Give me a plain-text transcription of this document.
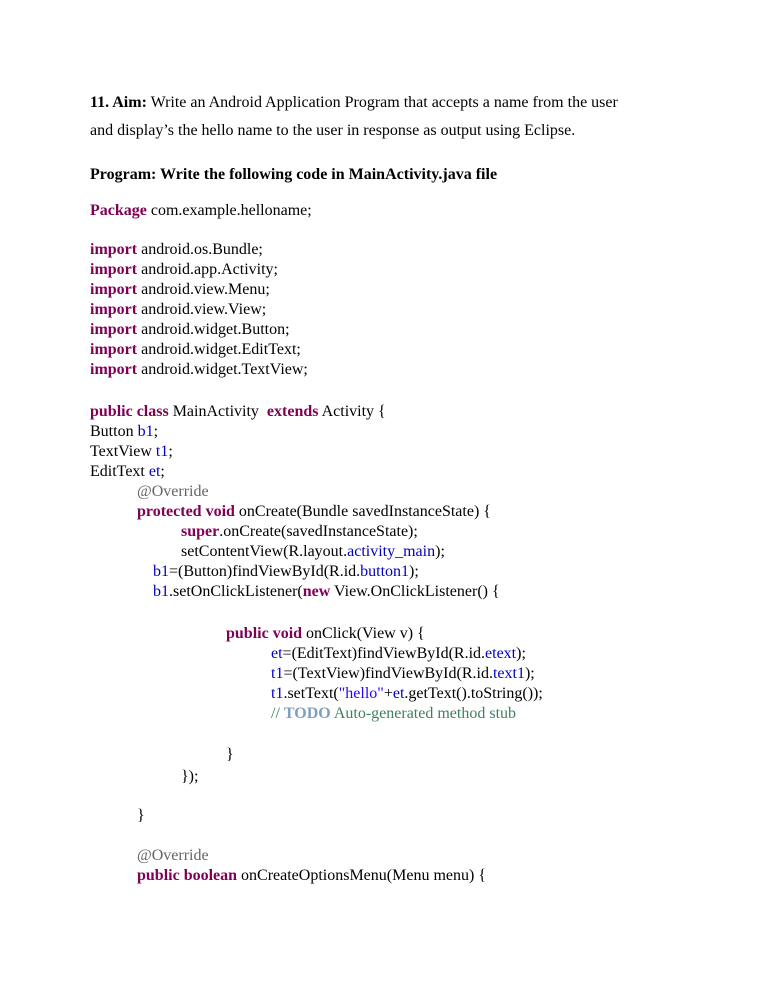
11. Aim: Write an Android Application Program that accepts a name from the user
and display’s the hello name to the user in response as output using Eclipse.
Program: Write the following code in MainActivity.java file
Package com.example.helloname;
import android.os.Bundle;
import android.app.Activity;
import android.view.Menu;
import android.view.View;
import android.widget.Button;
import android.widget.EditText;
import android.widget.TextView;
public class MainActivity  extends Activity {
Button b1;
TextView t1;
EditText et;
@Override
protected void onCreate(Bundle savedInstanceState) {
super.onCreate(savedInstanceState);
setContentView(R.layout.activity_main);
b1=(Button)findViewById(R.id.button1);
b1.setOnClickListener(new View.OnClickListener() {
public void onClick(View v) {
et=(EditText)findViewById(R.id.etext);
t1=(TextView)findViewById(R.id.text1);
t1.setText("hello"+et.getText().toString());
// TODO Auto-generated method stub
}
});
}
@Override
public boolean onCreateOptionsMenu(Menu menu) {
